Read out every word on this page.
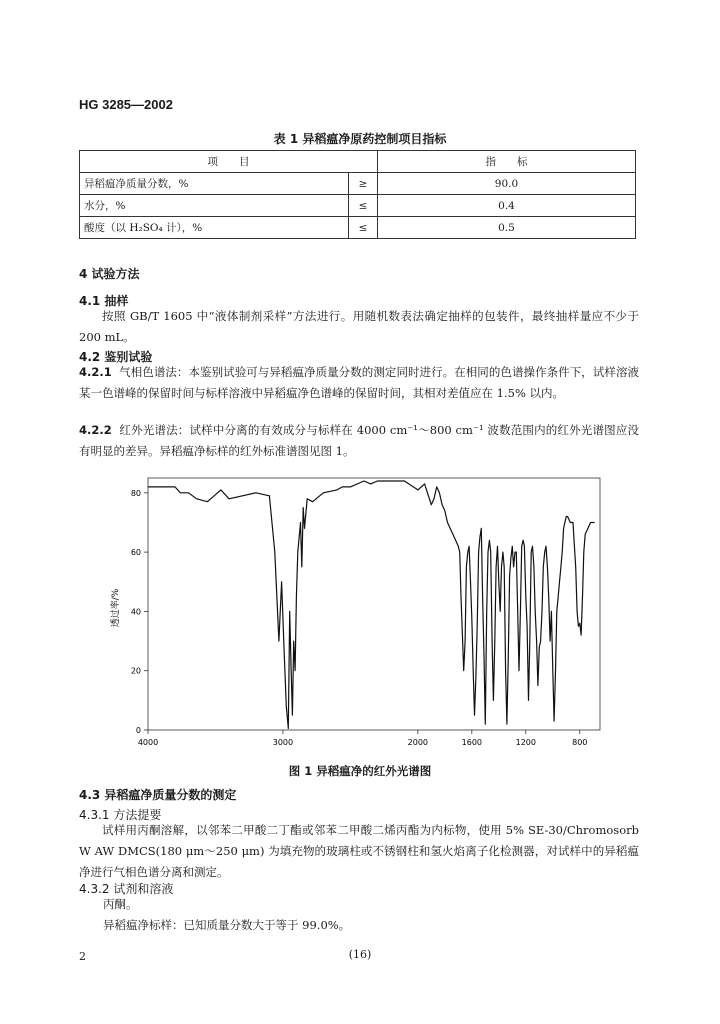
HG 3285—2002
表 1 异稻瘟净原药控制项目指标
项　　目		指　　标
异稻瘟净质量分数，%	≥	90.0
水分，%	≤	0.4
酸度（以 H₂SO₄ 计），%	≤	0.5
4 试验方法
4.1 抽样
按照 GB/T 1605 中“液体制剂采样”方法进行。用随机数表法确定抽样的包装件，最终抽样量应不少于 200 mL。
4.2 鉴别试验
4.2.1 气相色谱法：本鉴别试验可与异稻瘟净质量分数的测定同时进行。在相同的色谱操作条件下，试样溶液某一色谱峰的保留时间与标样溶液中异稻瘟净色谱峰的保留时间，其相对差值应在 1.5% 以内。
4.2.2 红外光谱法：试样中分离的有效成分与标样在 4000 cm⁻¹～800 cm⁻¹ 波数范围内的红外光谱图应没有明显的差异。异稻瘟净标样的红外标准谱图见图 1。
0
20
40
60
80
4000	3000	2000	1600	1200	800
透过率/%
图 1 异稻瘟净的红外光谱图
4.3 异稻瘟净质量分数的测定
4.3.1 方法提要
试样用丙酮溶解，以邻苯二甲酸二丁酯或邻苯二甲酸二烯丙酯为内标物，使用 5% SE-30/Chromosorb W AW DMCS(180 μm～250 μm) 为填充物的玻璃柱或不锈钢柱和氢火焰离子化检测器，对试样中的异稻瘟净进行气相色谱分离和测定。
4.3.2 试剂和溶液
丙酮。
异稻瘟净标样：已知质量分数大于等于 99.0%。
2	(16)
